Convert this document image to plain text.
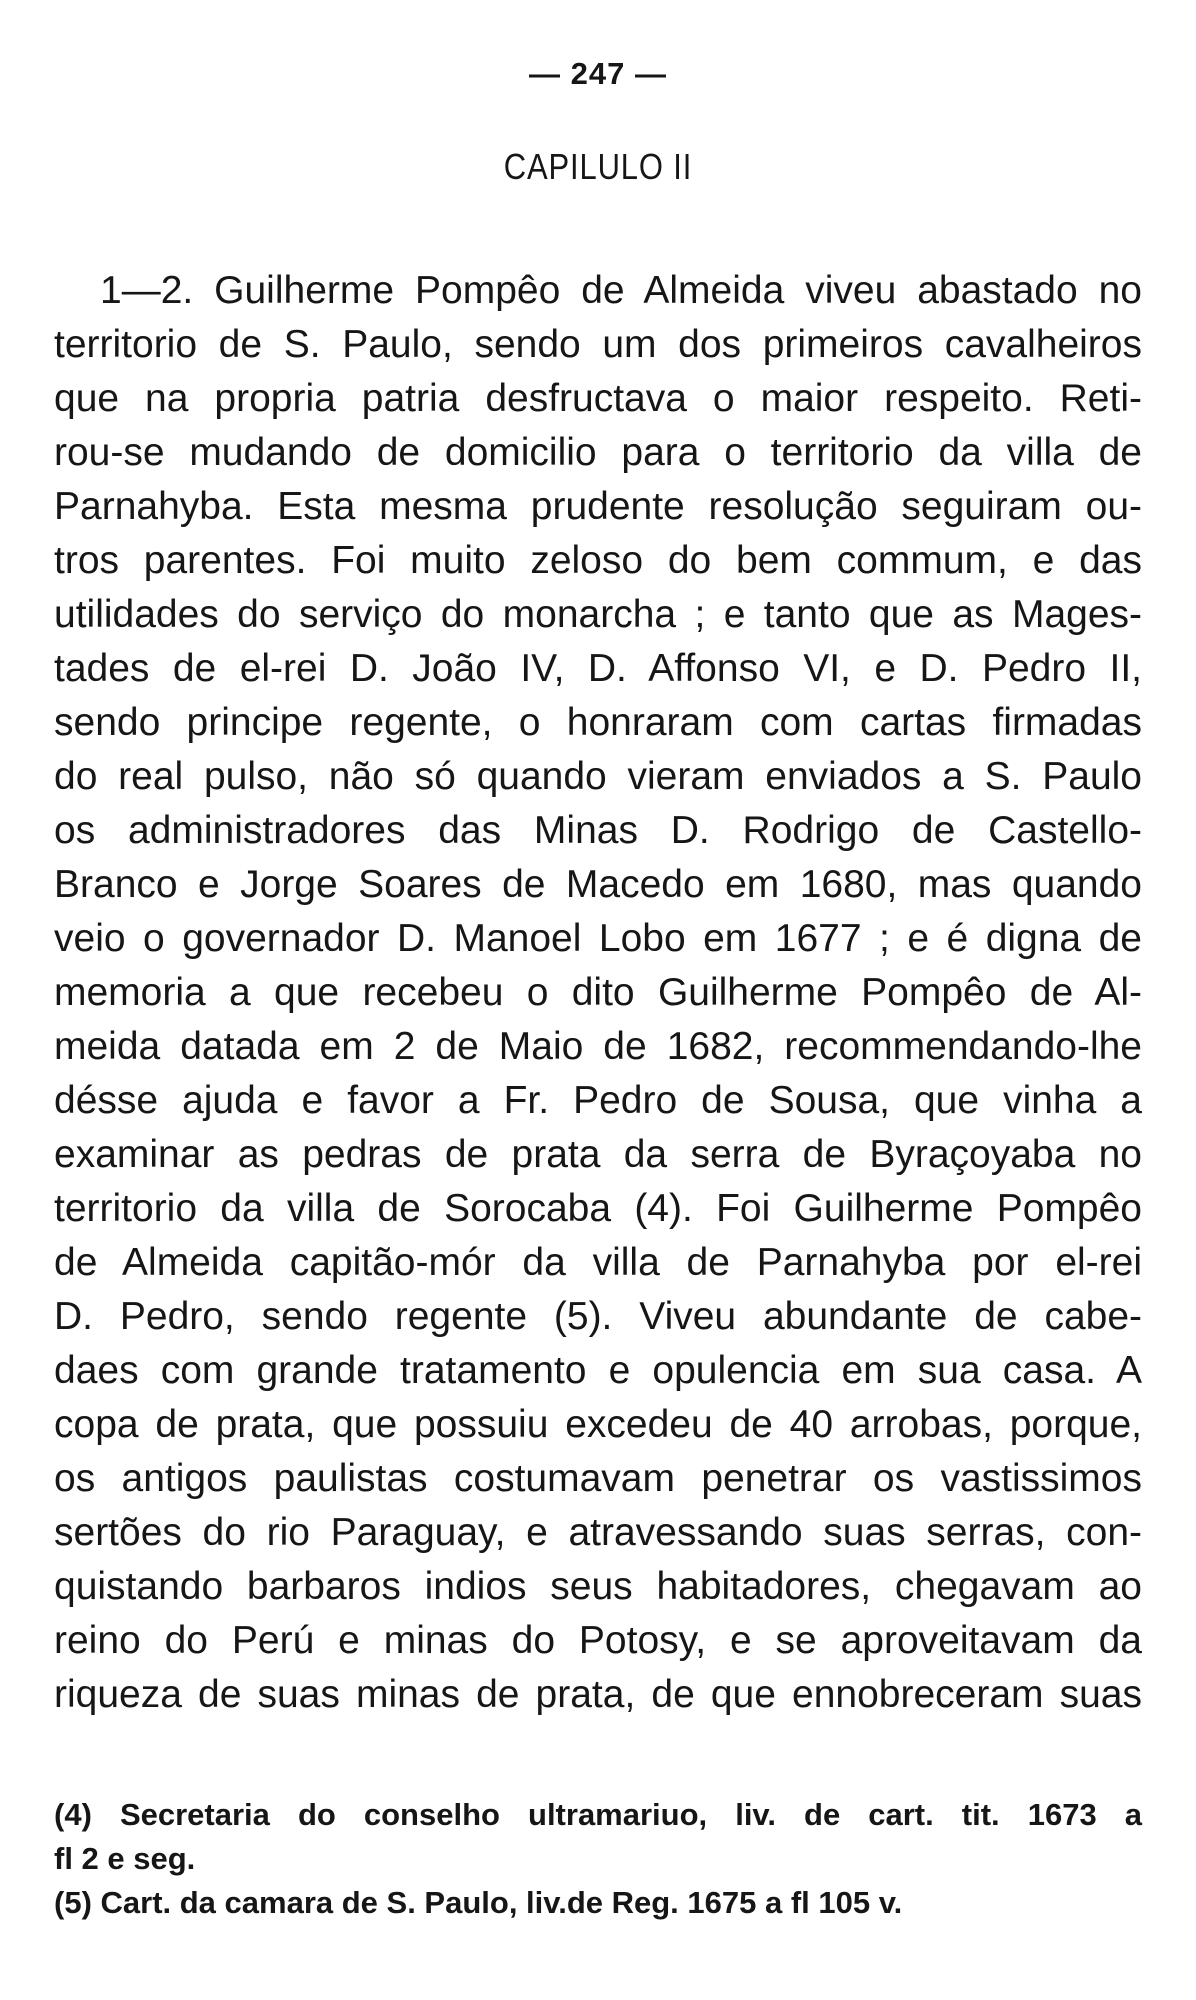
— 247 —
CAPILULO II
1—2. Guilherme Pompêo de Almeida viveu abastado no
territorio de S. Paulo, sendo um dos primeiros cavalheiros
que na propria patria desfructava o maior respeito. Reti-
rou-se mudando de domicilio para o territorio da villa de
Parnahyba. Esta mesma prudente resolução seguiram ou-
tros parentes. Foi muito zeloso do bem commum, e das
utilidades do serviço do monarcha ; e tanto que as Mages-
tades de el-rei D. João IV, D. Affonso VI, e D. Pedro II,
sendo principe regente, o honraram com cartas firmadas
do real pulso, não só quando vieram enviados a S. Paulo
os administradores das Minas D. Rodrigo de Castello-
Branco e Jorge Soares de Macedo em 1680, mas quando
veio o governador D. Manoel Lobo em 1677 ; e é digna de
memoria a que recebeu o dito Guilherme Pompêo de Al-
meida datada em 2 de Maio de 1682, recommendando-lhe
désse ajuda e favor a Fr. Pedro de Sousa, que vinha a
examinar as pedras de prata da serra de Byraçoyaba no
territorio da villa de Sorocaba (4). Foi Guilherme Pompêo
de Almeida capitão-mór da villa de Parnahyba por el-rei
D. Pedro, sendo regente (5). Viveu abundante de cabe-
daes com grande tratamento e opulencia em sua casa. A
copa de prata, que possuiu excedeu de 40 arrobas, porque,
os antigos paulistas costumavam penetrar os vastissimos
sertões do rio Paraguay, e atravessando suas serras, con-
quistando barbaros indios seus habitadores, chegavam ao
reino do Perú e minas do Potosy, e se aproveitavam da
riqueza de suas minas de prata, de que ennobreceram suas
(4) Secretaria do conselho ultramariuo, liv. de cart. tit. 1673 a
fl 2 e seg.
(5) Cart. da camara de S. Paulo, liv.de Reg. 1675 a fl 105 v.
